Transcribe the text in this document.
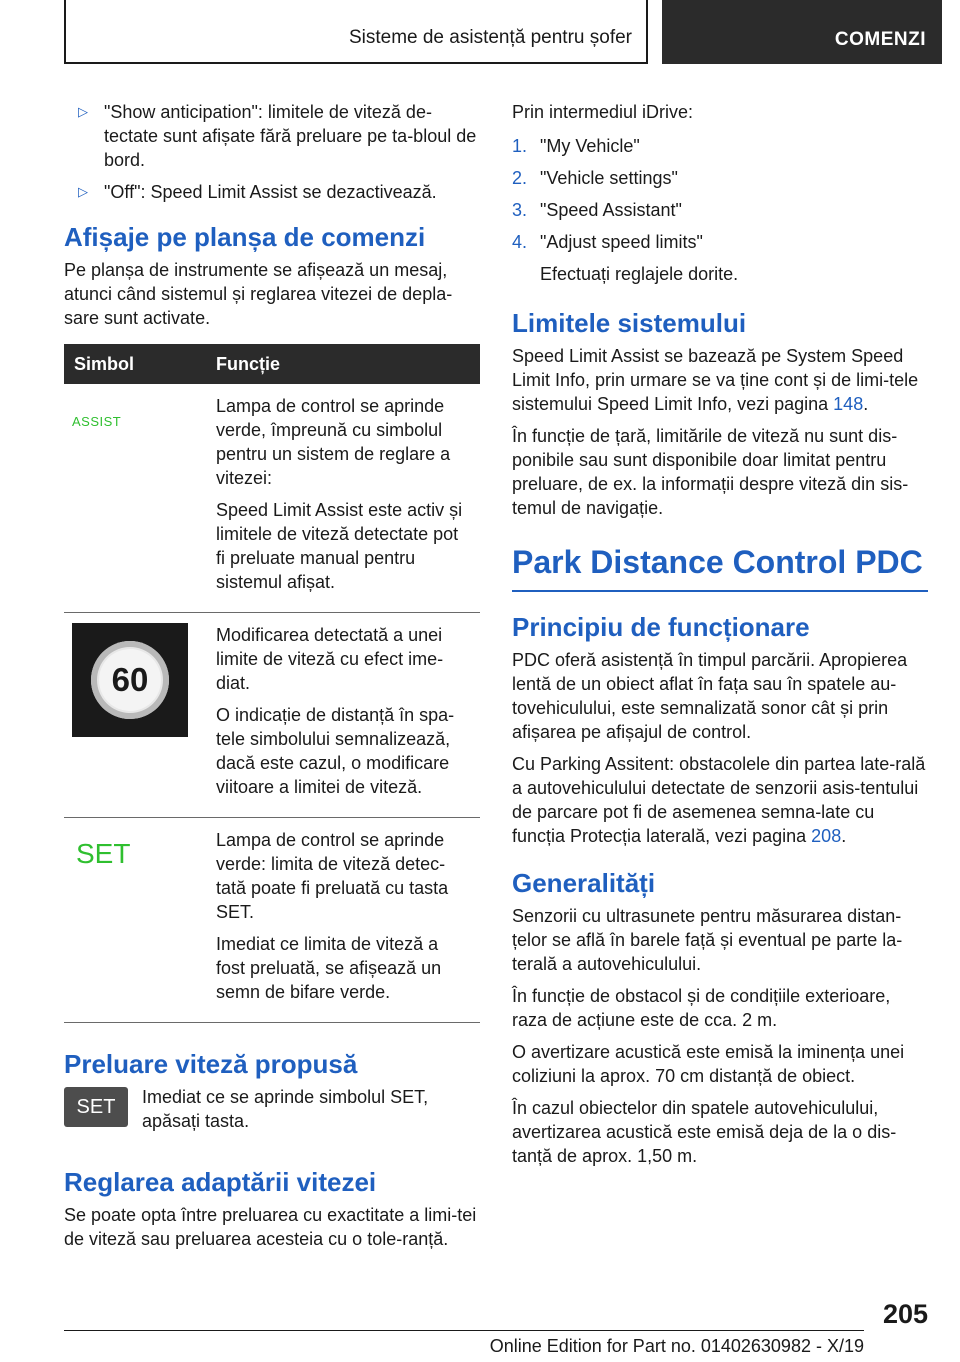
Sisteme de asistență pentru șofer	COMENZI
▷ "Show anticipation": limitele de viteză de-tectate sunt afișate fără preluare pe ta-bloul de bord.
▷ "Off": Speed Limit Assist se dezactivează.
Afișaje pe planșa de comenzi

Pe planșa de instrumente se afișează un mesaj, atunci când sistemul și reglarea vitezei de depla-sare sunt activate.

Simbol	Funcție
ASSIST	Lampa de control se aprinde verde, împreună cu simbolul pentru un sistem de reglare a vitezei:

Speed Limit Assist este activ și limitele de viteză detectate pot fi preluate manual pentru sistemul afișat.

60	Modificarea detectată a unei limite de viteză cu efect ime-diat.

O indicație de distanță în spa-tele simbolului semnalizează, dacă este cazul, o modificare viitoare a limitei de viteză.

SET	Lampa de control se aprinde verde: limita de viteză detec-tată poate fi preluată cu tasta SET.

Imediat ce limita de viteză a fost preluată, se afișează un semn de bifare verde.

Preluare viteză propusă
SET	Imediat ce se aprinde simbolul SET, apăsați tasta.

Reglarea adaptării vitezei

Se poate opta între preluarea cu exactitate a limi-tei de viteză sau preluarea acesteia cu o tole-ranță.

Prin intermediul iDrive:

1. "My Vehicle"
2. "Vehicle settings"
3. "Speed Assistant"
4. "Adjust speed limits"

Efectuați reglajele dorite.

Limitele sistemului

Speed Limit Assist se bazează pe System Speed Limit Info, prin urmare se va ține cont și de limi-tele sistemului Speed Limit Info, vezi pagina 148.

În funcție de țară, limitările de viteză nu sunt dis-ponibile sau sunt disponibile doar limitat pentru preluare, de ex. la informații despre viteză din sis-temul de navigație.

Park Distance Control PDC
Principiu de funcționare

PDC oferă asistență în timpul parcării. Apropierea lentă de un obiect aflat în fața sau în spatele au-tovehiculului, este semnalizată sonor cât și prin afișarea pe afișajul de control.

Cu Parking Assitent: obstacolele din partea late-rală a autovehiculului detectate de senzorii asis-tentului de parcare pot fi de asemenea semna-late cu funcția Protecția laterală, vezi pagina 208.

Generalități

Senzorii cu ultrasunete pentru măsurarea distan-țelor se află în barele față și eventual pe parte la-terală a autovehiculului.

În funcție de obstacol și de condițiile exterioare, raza de acțiune este de cca. 2 m.

O avertizare acustică este emisă la iminența unei coliziuni la aprox. 70 cm distanță de obiect.

În cazul obiectelor din spatele autovehiculului, avertizarea acustică este emisă deja de la o dis-tanță de aprox. 1,50 m.

205
Online Edition for Part no. 01402630982 - X/19
